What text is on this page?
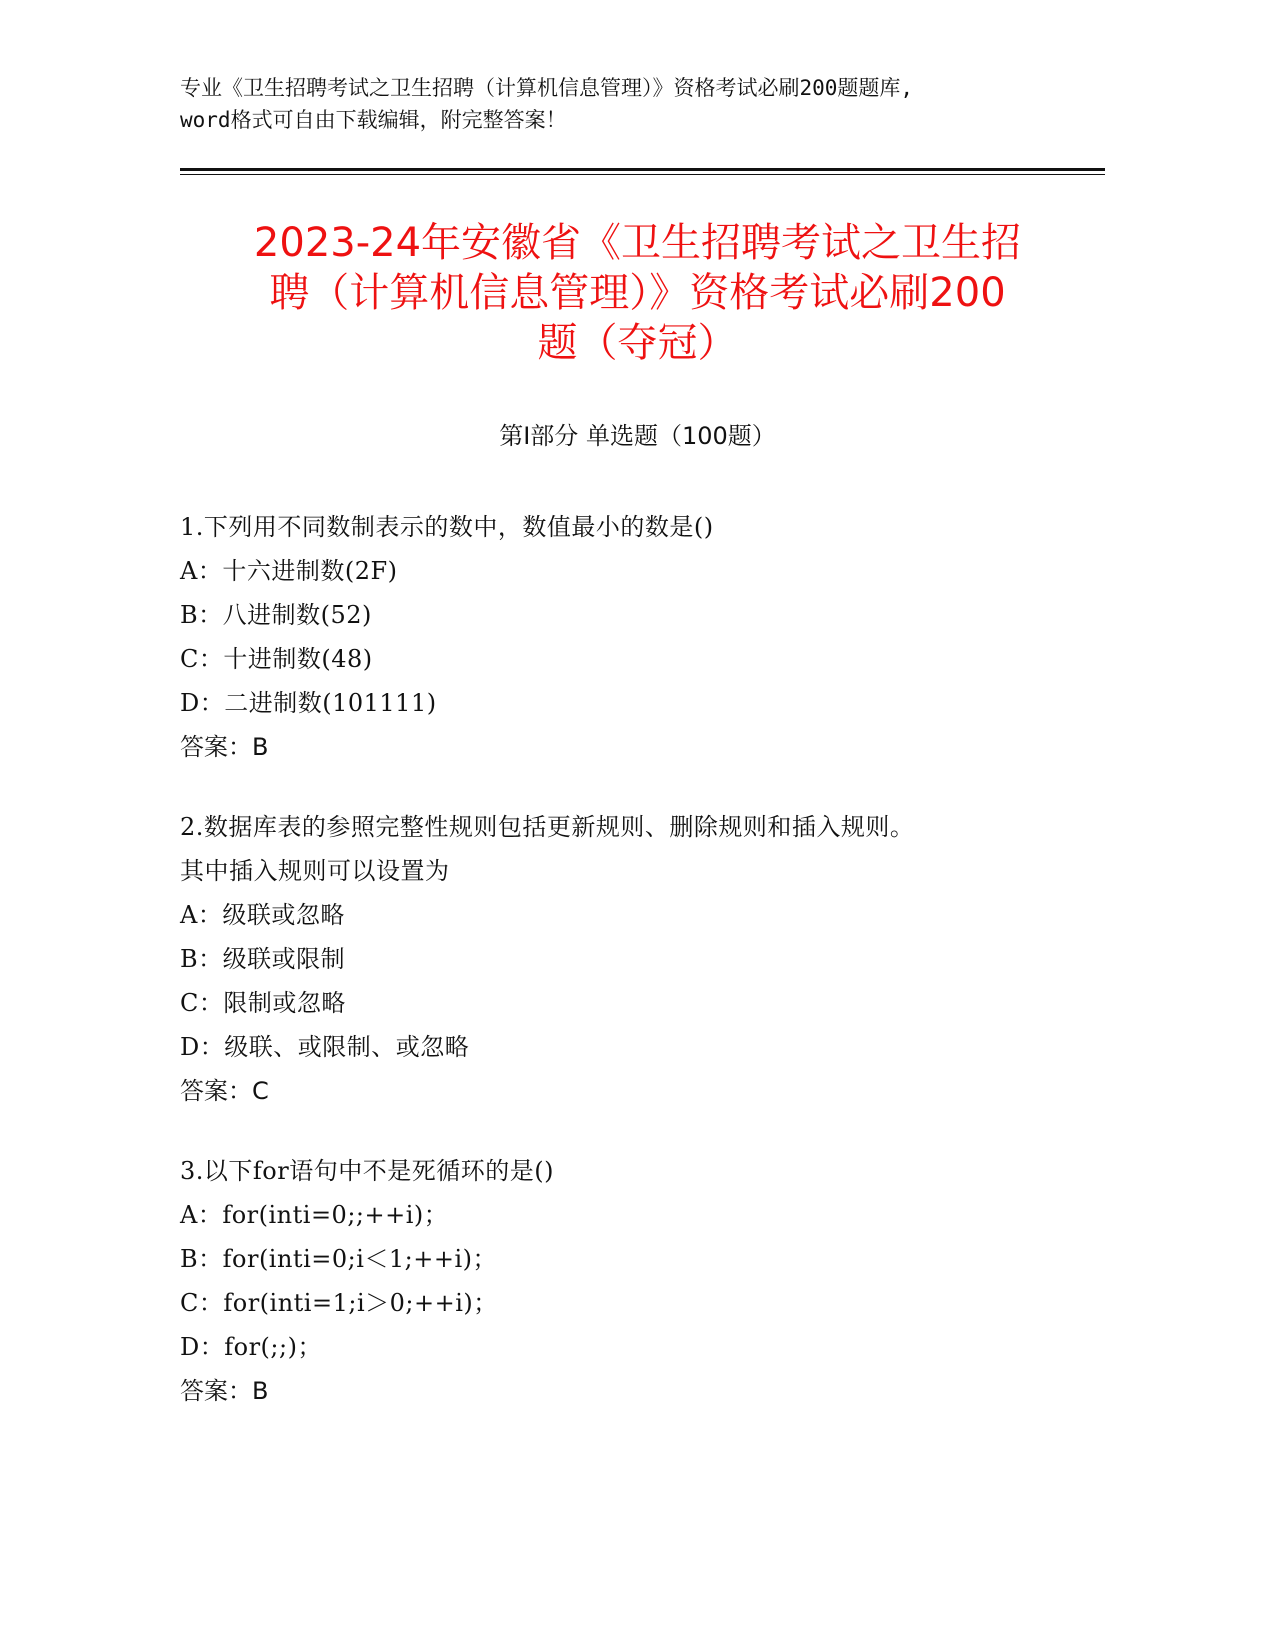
专业《卫生招聘考试之卫生招聘（计算机信息管理）》资格考试必刷200题题库,
word格式可自由下载编辑，附完整答案！
2023-24年安徽省《卫生招聘考试之卫生招
聘（计算机信息管理）》资格考试必刷200
题（夺冠）
第Ⅰ部分 单选题（100题）
1.下列用不同数制表示的数中，数值最小的数是()
A：十六进制数(2F)
B：八进制数(52)
C：十进制数(48)
D：二进制数(101111)
答案：B
2.数据库表的参照完整性规则包括更新规则、删除规则和插入规则。
其中插入规则可以设置为
A：级联或忽略
B：级联或限制
C：限制或忽略
D：级联、或限制、或忽略
答案：C
3.以下for语句中不是死循环的是()
A：for(inti=0;;++i)；
B：for(inti=0;i＜1;++i)；
C：for(inti=1;i＞0;++i)；
D：for(;;)；
答案：B
